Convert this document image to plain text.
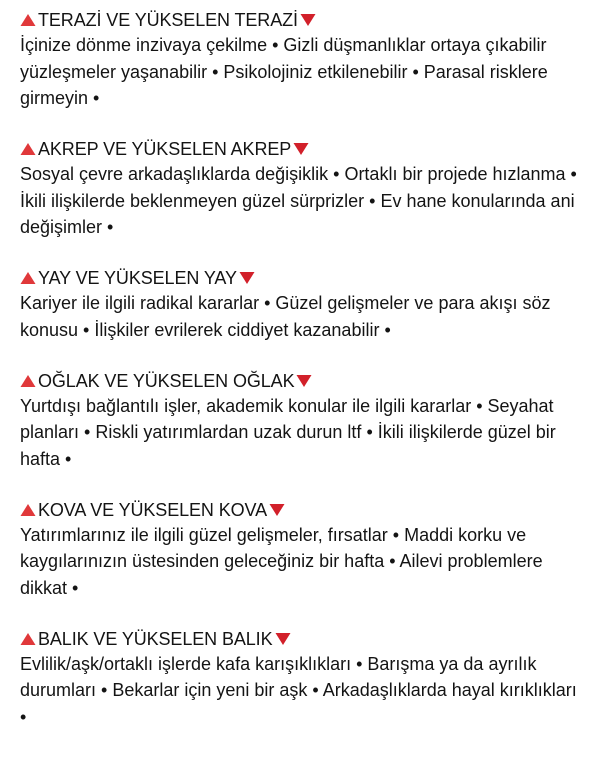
TERAZİ VE YÜKSELEN TERAZİ

İçinize dönme inzivaya çekilme • Gizli düşmanlıklar ortaya çıkabilir yüzleşmeler yaşanabilir • Psikolojiniz etkilenebilir • Parasal risklere girmeyin •

AKREP VE YÜKSELEN AKREP

Sosyal çevre arkadaşlıklarda değişiklik • Ortaklı bir projede hızlanma • İkili ilişkilerde beklenmeyen güzel sürprizler • Ev hane konularında ani değişimler •

YAY VE YÜKSELEN YAY

Kariyer ile ilgili radikal kararlar • Güzel gelişmeler ve para akışı söz konusu • İlişkiler evrilerek ciddiyet kazanabilir •

OĞLAK VE YÜKSELEN OĞLAK

Yurtdışı bağlantılı işler, akademik konular ile ilgili kararlar • Seyahat planları • Riskli yatırımlardan uzak durun ltf • İkili ilişkilerde güzel bir hafta •

KOVA VE YÜKSELEN KOVA

Yatırımlarınız ile ilgili güzel gelişmeler, fırsatlar • Maddi korku ve kaygılarınızın üstesinden geleceğiniz bir hafta • Ailevi problemlere dikkat •

BALIK VE YÜKSELEN BALIK

Evlilik/aşk/ortaklı işlerde kafa karışıklıkları • Barışma ya da ayrılık durumları • Bekarlar için yeni bir aşk • Arkadaşlıklarda hayal kırıklıkları •
